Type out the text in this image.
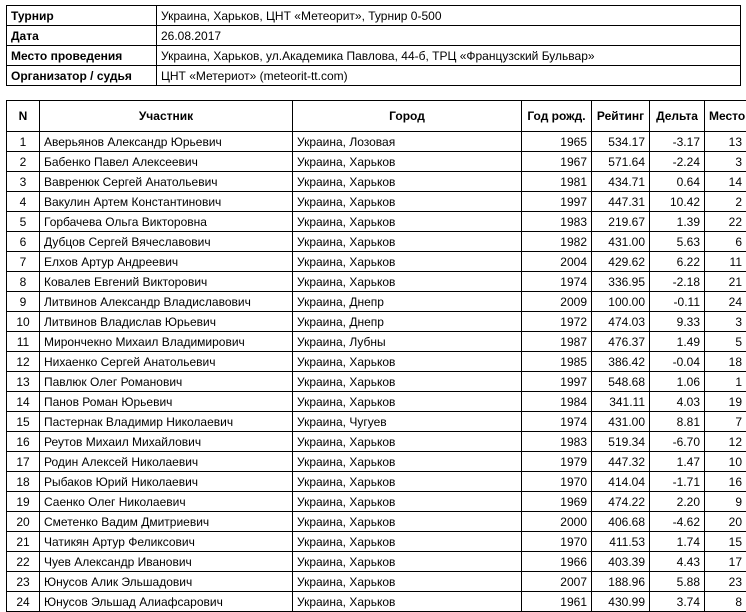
Турнир	Украина, Харьков, ЦНТ «Метеорит», Турнир 0-500
Дата	26.08.2017
Место проведения	Украина, Харьков, ул.Академика Павлова, 44-б, ТРЦ «Французский Бульвар»
Организатор / судья	ЦНТ «Метериот» (meteorit-tt.com)
N	Участник	Город	Год рожд.	Рейтинг	Дельта	Место
1	Аверьянов Александр Юрьевич	Украина, Лозовая	1965	534.17	-3.17	13
2	Бабенко Павел Алексеевич	Украина, Харьков	1967	571.64	-2.24	3
3	Вавренюк Сергей Анатольевич	Украина, Харьков	1981	434.71	0.64	14
4	Вакулин Артем Константинович	Украина, Харьков	1997	447.31	10.42	2
5	Горбачева Ольга Викторовна	Украина, Харьков	1983	219.67	1.39	22
6	Дубцов Сергей Вячеславович	Украина, Харьков	1982	431.00	5.63	6
7	Елхов Артур Андреевич	Украина, Харьков	2004	429.62	6.22	11
8	Ковалев Евгений Викторович	Украина, Харьков	1974	336.95	-2.18	21
9	Литвинов Александр Владиславович	Украина, Днепр	2009	100.00	-0.11	24
10	Литвинов Владислав Юрьевич	Украина, Днепр	1972	474.03	9.33	3
11	Мирончекно Михаил Владимирович	Украина, Лубны	1987	476.37	1.49	5
12	Нихаенко Сергей Анатольевич	Украина, Харьков	1985	386.42	-0.04	18
13	Павлюк Олег Романович	Украина, Харьков	1997	548.68	1.06	1
14	Панов Роман Юрьевич	Украина, Харьков	1984	341.11	4.03	19
15	Пастернак Владимир Николаевич	Украина, Чугуев	1974	431.00	8.81	7
16	Реутов Михаил Михайлович	Украина, Харьков	1983	519.34	-6.70	12
17	Родин Алексей Николаевич	Украина, Харьков	1979	447.32	1.47	10
18	Рыбаков Юрий Николаевич	Украина, Харьков	1970	414.04	-1.71	16
19	Саенко Олег Николаевич	Украина, Харьков	1969	474.22	2.20	9
20	Сметенко Вадим Дмитриевич	Украина, Харьков	2000	406.68	-4.62	20
21	Чатикян Артур Феликсович	Украина, Харьков	1970	411.53	1.74	15
22	Чуев Александр Иванович	Украина, Харьков	1966	403.39	4.43	17
23	Юнусов Алик Эльшадович	Украина, Харьков	2007	188.96	5.88	23
24	Юнусов Эльшад Алиафсарович	Украина, Харьков	1961	430.99	3.74	8
